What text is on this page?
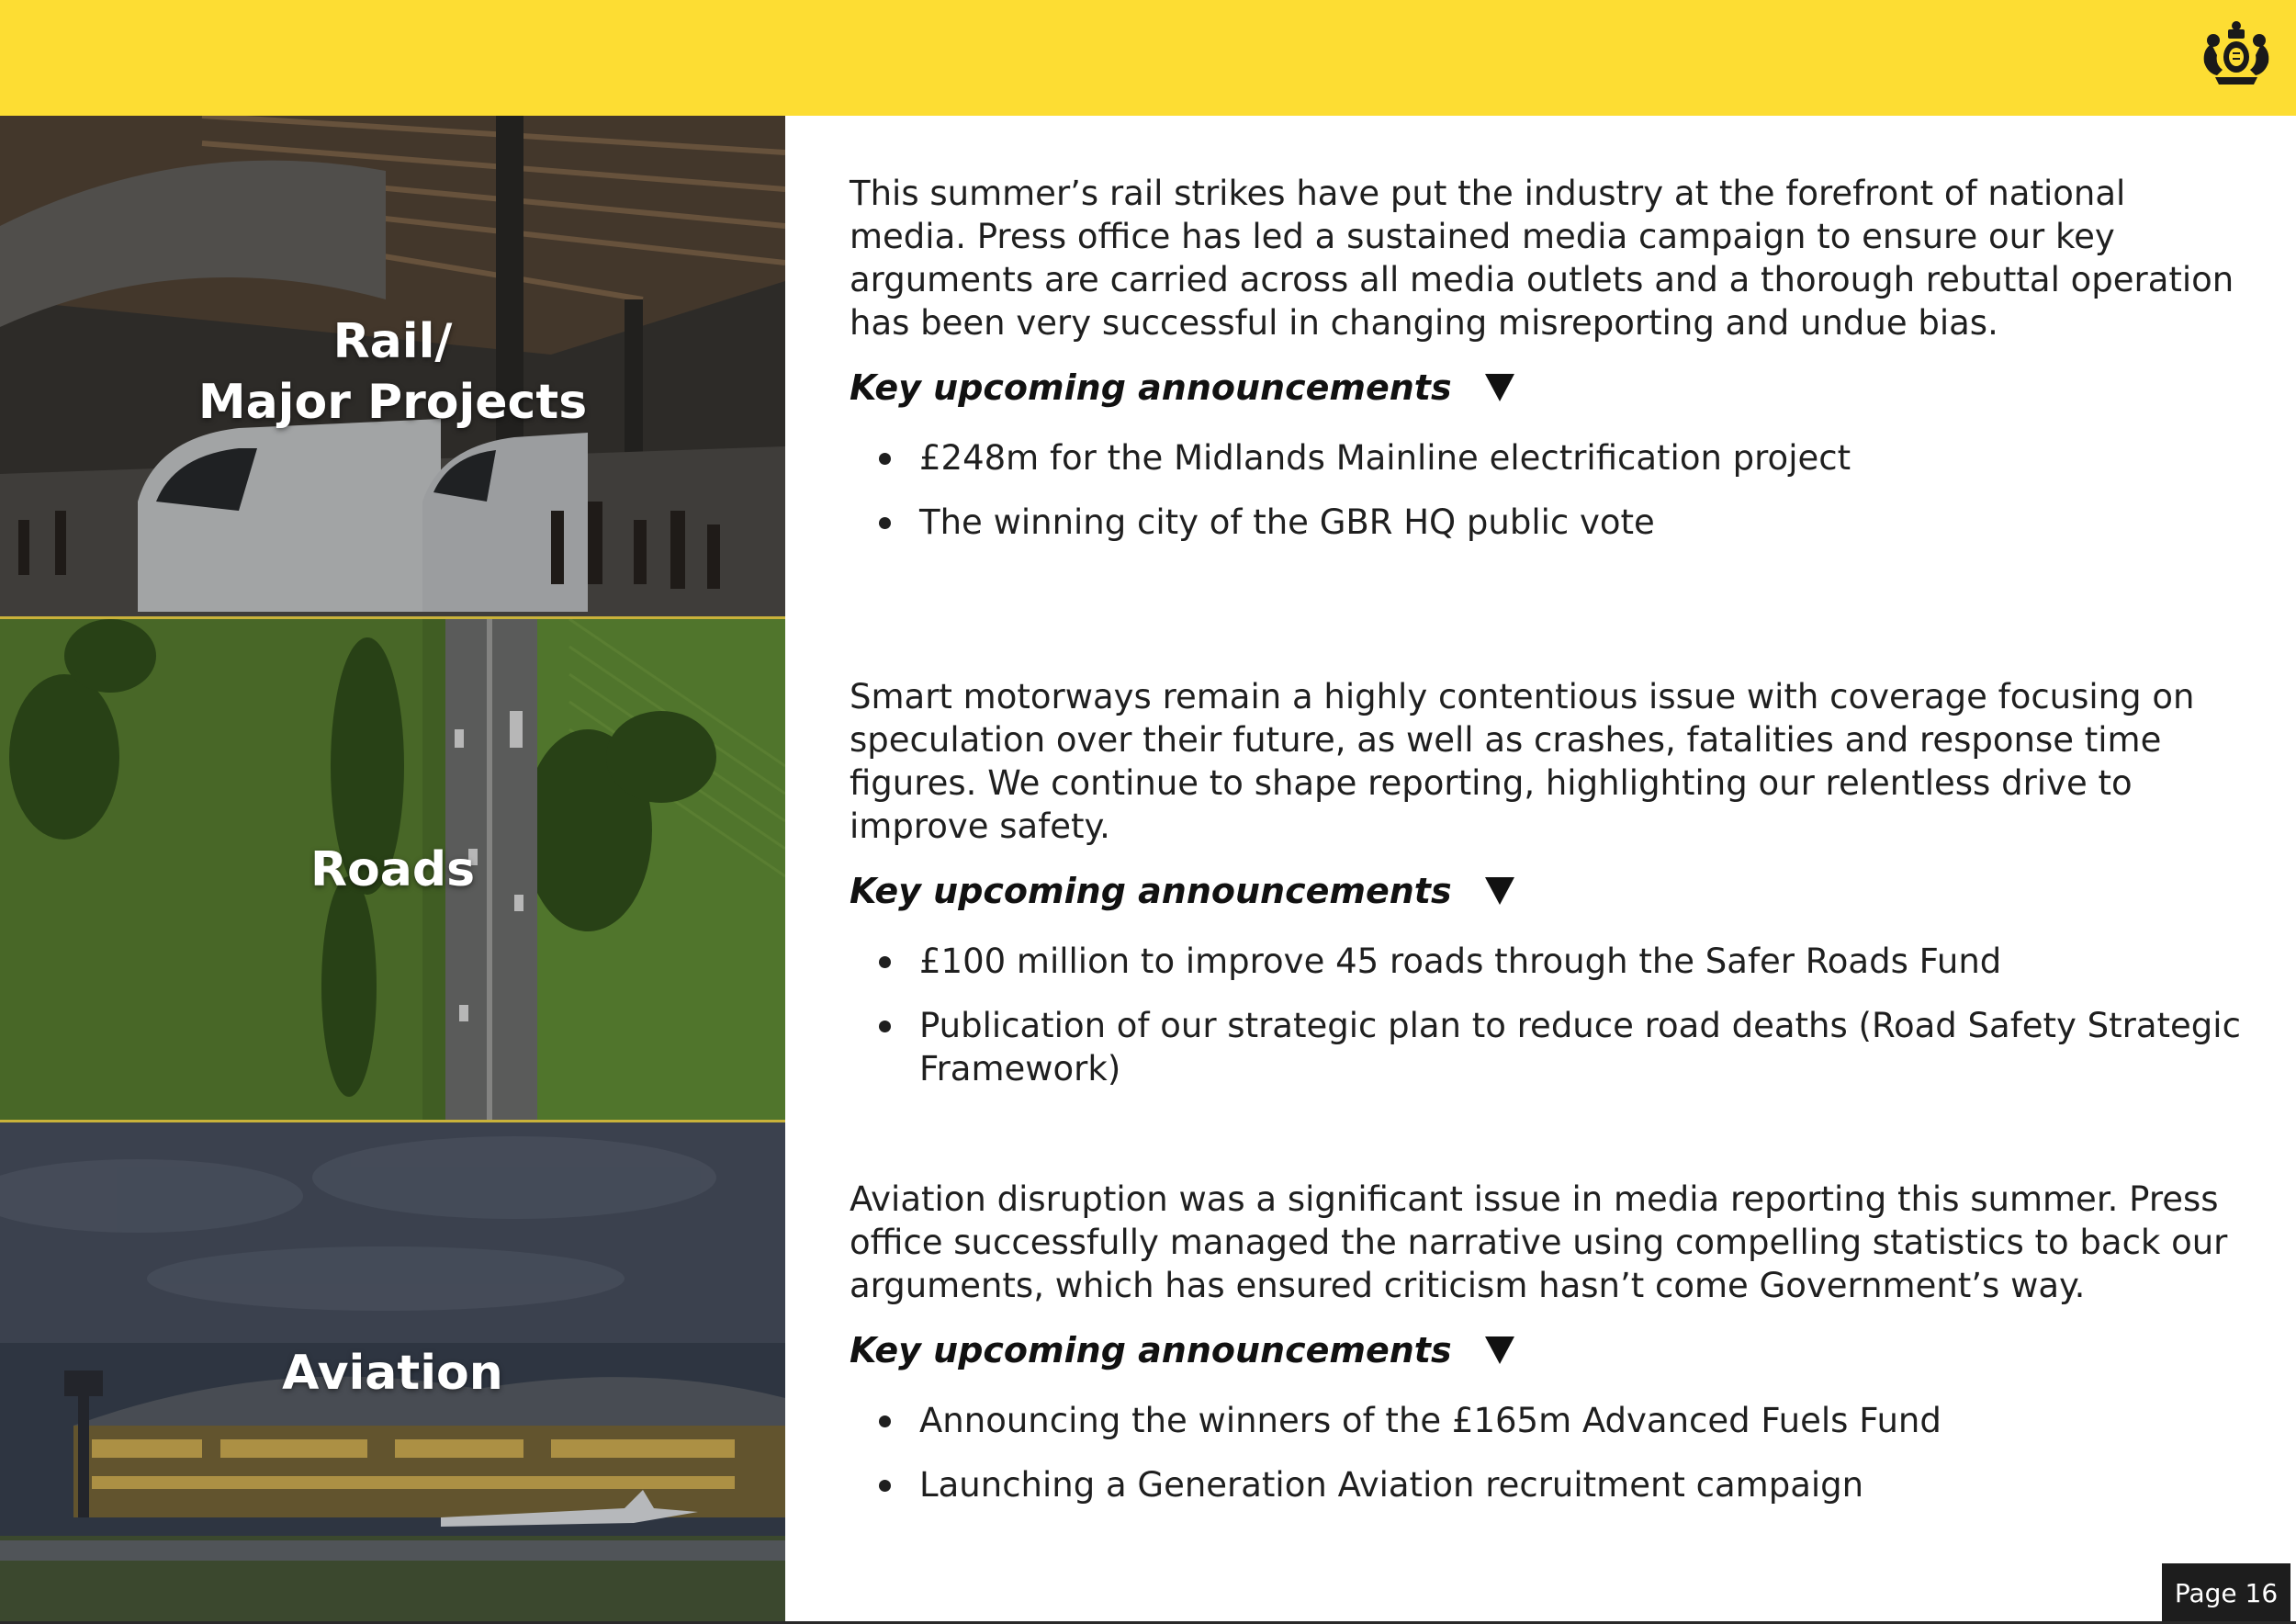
Rail/
Major Projects
Roads
Aviation

This summer’s rail strikes have put the industry at the forefront of national media. Press office has led a sustained media campaign to ensure our key arguments are carried across all media outlets and a thorough rebuttal operation has been very successful in changing misreporting and undue bias.

Key upcoming announcements
£248m for the Midlands Mainline electrification project
The winning city of the GBR HQ public vote

Smart motorways remain a highly contentious issue with coverage focusing on speculation over their future, as well as crashes, fatalities and response time figures. We continue to shape reporting, highlighting our relentless drive to improve safety.

Key upcoming announcements
£100 million to improve 45 roads through the Safer Roads Fund
Publication of our strategic plan to reduce road deaths (Road Safety Strategic Framework)

Aviation disruption was a significant issue in media reporting this summer. Press office successfully managed the narrative using compelling statistics to back our arguments, which has ensured criticism hasn’t come Government’s way.

Key upcoming announcements
Announcing the winners of the £165m Advanced Fuels Fund
Launching a Generation Aviation recruitment campaign
Page 16
